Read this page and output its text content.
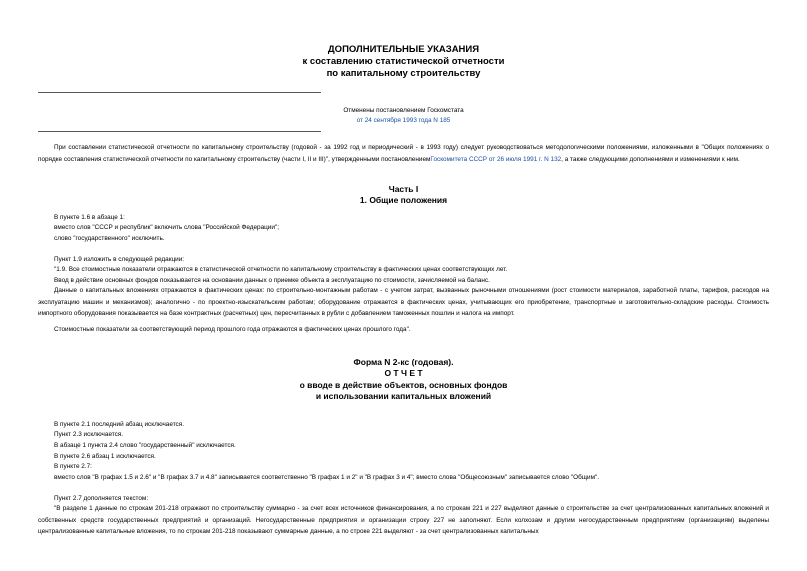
ДОПОЛНИТЕЛЬНЫЕ УКАЗАНИЯ
к составлению статистической отчетности
по капитальному строительству
Отменены постановлением Госкомстата
от 24 сентября 1993 года N 185
При составлении статистической отчетности по капитальному строительству (годовой - за 1992 год и периодический - в 1993 году) следует руководствоваться методологическими положениями, изложенными в "Общих положениях о порядке составления статистической отчетности по капитальному строительству (части I, II и III)", утвержденными постановлениемГоскомитета СССР от 26 июля 1991 г. N 132, а также следующими дополнениями и изменениями к ним.
Часть I
1. Общие положения
В пункте 1.6 в абзаце 1:
вместо слов "СССР и республик" включить слова "Российской Федерации";
слово "государственного" исключить.
Пункт 1.9 изложить в следующей редакции:
"1.9. Все стоимостные показатели отражаются в статистической отчетности по капитальному строительству в фактических ценах соответствующих лет.
Ввод в действие основных фондов показывается на основании данных о приемке объекта в эксплуатацию по стоимости, зачисляемой на баланс.
Данные о капитальных вложениях отражаются в фактических ценах: по строительно-монтажным работам - с учетом затрат, вызванных рыночными отношениями (рост стоимости материалов, заработной платы, тарифов, расходов на эксплуатацию машин и механизмов); аналогично - по проектно-изыскательским работам; оборудование отражается в фактических ценах, учитывающих его приобретение, транспортные и заготовительно-складские расходы. Стоимость импортного оборудования показывается на базе контрактных (расчетных) цен, пересчитанных в рубли с добавлением таможенных пошлин и налога на импорт.
Стоимостные показатели за соответствующий период прошлого года отражаются в фактических ценах прошлого года".
Форма N 2-кс (годовая).
О Т Ч Е Т
о вводе в действие объектов, основных фондов
и использовании капитальных вложений
В пункте 2.1 последний абзац исключается.
Пункт 2.3 исключается.
В абзаце 1 пункта 2.4 слово "государственный" исключается.
В пункте 2.6 абзац 1 исключается.
В пункте 2.7:
вместо слов "В графах 1.5 и 2.6" и "В графах 3.7 и 4.8" записывается соответственно "В графах 1 и 2" и "В графах 3 и 4"; вместо слова "Общесоюзным" записывается слово "Общим".
Пункт 2.7 дополняется текстом:
"В разделе 1 данные по строкам 201-218 отражают по строительству суммарно - за счет всех источников финансирования, а по строкам 221 и 227 выделяют данные о строительстве за счет централизованных капитальных вложений и собственных средств государственных предприятий и организаций. Негосударственные предприятия и организации строку 227 не заполняют. Если колхозам и другим негосударственным предприятиям (организациям) выделены централизованные капитальные вложения, то по строкам 201-218 показывают суммарные данные, а по строке 221 выделяют - за счет централизованных капитальных
